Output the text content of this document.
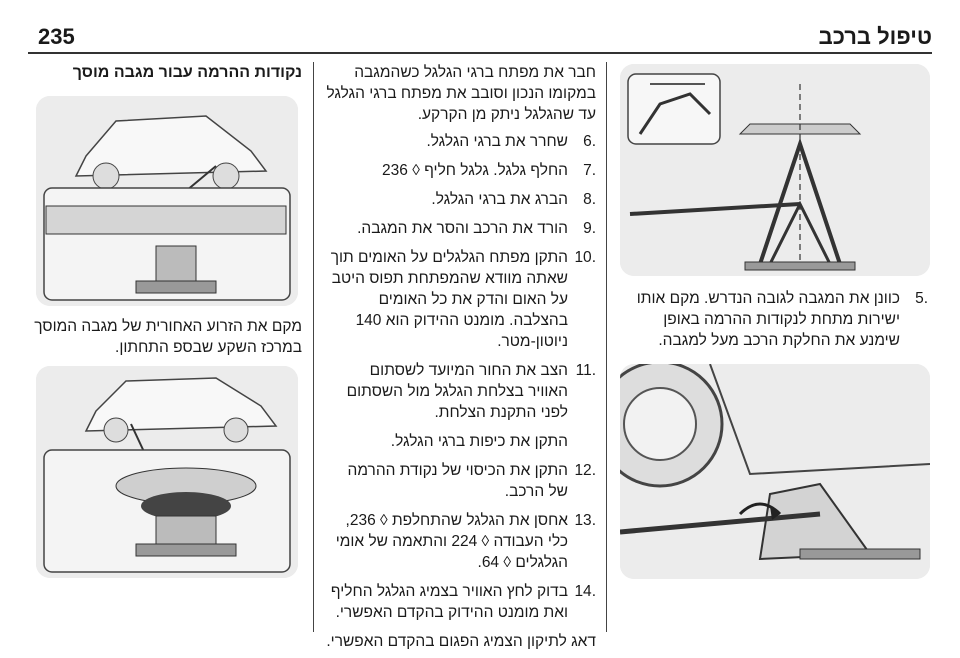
235	טיפול ברכב
.5
כוונן את המגבה לגובה הנדרש. מקם אותו ישירות מתחת לנקודות ההרמה באופן שימנע את החלקת הרכב מעל למגבה.

חבר את מפתח ברגי הגלגל כשהמגבה במקומו הנכון וסובב את מפתח ברגי הגלגל עד שהגלגל ניתק מן הקרקע.

.6
שחרר את ברגי הגלגל.
.7
החלף גלגל. גלגל חליף ◊ 236
.8
הברג את ברגי הגלגל.
.9
הורד את הרכב והסר את המגבה.
.10
התקן מפתח הגלגלים על האומים תוך שאתה מוודא שהמפתחת תפוס היטב על האום והדק את כל האומים בהצלבה. מומנט ההידוק הוא 140 ניוטון-מטר.
.11
הצב את החור המיועד לשסתום האוויר בצלחת הגלגל מול השסתום לפני התקנת הצלחת.
התקן את כיפות ברגי הגלגל.
.12
התקן את הכיסוי של נקודת ההרמה של הרכב.
.13
אחסן את הגלגל שהתחלפת ◊ 236, כלי העבודה ◊ 224 והתאמה של אומי הגלגלים ◊ 64.
.14
בדוק לחץ האוויר בצמיג הגלגל החליף ואת מומנט ההידוק בהקדם האפשרי.

דאג לתיקון הצמיג הפגום בהקדם האפשרי.

נקודות ההרמה עבור מגבה מוסך

מקם את הזרוע האחורית של מגבה המוסך במרכז השקע שבספ התחתון.
